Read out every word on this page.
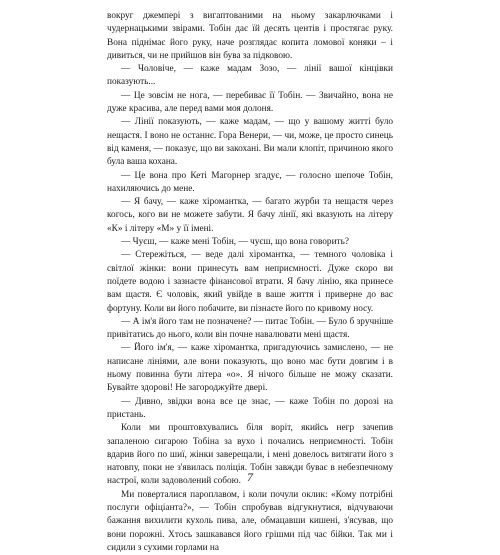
вокруг джемпері з вигаптованими на ньому закарлючками і чудернацькими звірами. Тобін дає їй десять центів і простягає руку. Вона піднімає його руку, наче розглядає копита ломової коняки – і дивиться, чи не прийшов він бува за підковою.

— Чоловіче, — каже мадам Зозо, — лінії вашої кінцівки показують...

— Це зовсім не нога, — перебиває її Тобін. — Звичайно, вона не дуже красива, але перед вами моя долоня.

— Лінії показують, — каже мадам, — що у вашому житті було нещастя. І воно не останнє. Гора Венери, — чи, може, це просто синець від каменя, — показує, що ви закохані. Ви мали клопіт, причиною якого була ваша кохана.

— Це вона про Кеті Магорнер згадує, — голосно шепоче Тобін, нахиляючись до мене.

— Я бачу, — каже хіромантка, — багато журби та нещастя через когось, кого ви не можете забути. Я бачу лінії, які вказують на літеру «К» і літеру «М» у її імені.

— Чуєш, — каже мені Тобін, — чуєш, що вона говорить?

— Стережіться, — веде далі хіромантка, — темного чоловіка і світлої жінки: вони принесуть вам неприємності. Дуже скоро ви поїдете водою і зазнаєте фінансової втрати. Я бачу лінію, яка принесе вам щастя. Є чоловік, який увійде в ваше життя і приверне до вас фортуну. Коли ви його побачите, ви пізнаєте його по кривому носу.

— А ім'я його там не позначене? — питає Тобін. — Було б зручніше привітатись до нього, коли він почне навалювати мені щастя.

— Його ім'я, — каже хіромантка, пригадуючись замислено, — не написане лініями, але вони показують, що воно має бути довгим і в ньому повинна бути літера «о». Я нічого більше не можу сказати. Бувайте здорові! Не загороджуйте двері.

— Дивно, звідки вона все це знає, — каже Тобін по дорозі на пристань.

Коли ми проштовхувались біля воріт, якийсь негр зачепив запаленою сигарою Тобіна за вухо і почались неприємності. Тобін вдарив його по шиї, жінки заверещали, і мені довелось витягати його з натовпу, поки не з'явилась поліція. Тобін завжди буває в небезпечному настрої, коли задоволений собою.

Ми поверталися пароплавом, і коли почули оклик: «Кому потрібні послуги офіціанта?», — Тобін спробував відгукнутися, відчуваючи бажання вихилити кухоль пива, але, обмацавши кишені, з'ясував, що вони порожні. Хтось зашкавався його грішми під час бійки. Так ми і сидили з сухими горлами на

7
